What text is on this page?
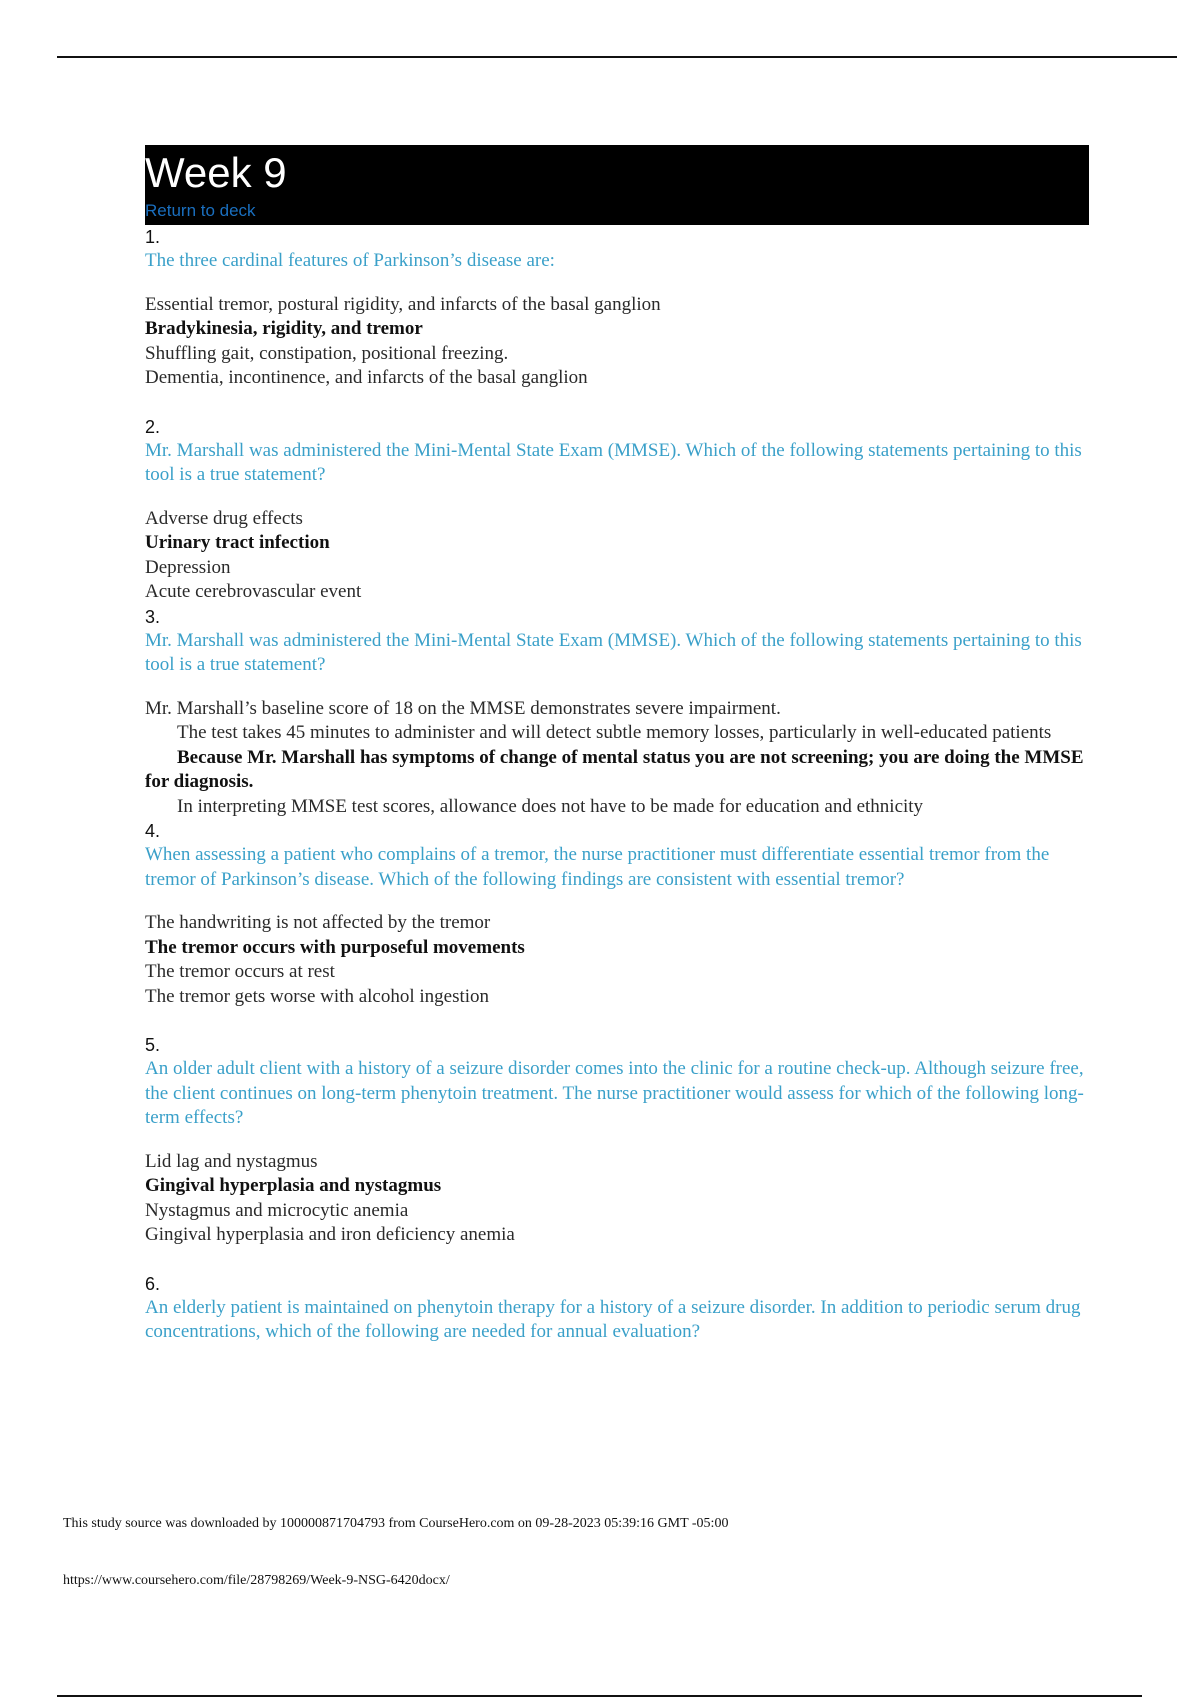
Week 9
Return to deck
1.
The three cardinal features of Parkinson’s disease are:
Essential tremor, postural rigidity, and infarcts of the basal ganglion
Bradykinesia, rigidity, and tremor
Shuffling gait, constipation, positional freezing.
Dementia, incontinence, and infarcts of the basal ganglion
2.
Mr. Marshall was administered the Mini-Mental State Exam (MMSE). Which of the following statements pertaining to this tool is a true statement?
Adverse drug effects
Urinary tract infection
Depression
Acute cerebrovascular event
3.
Mr. Marshall was administered the Mini-Mental State Exam (MMSE). Which of the following statements pertaining to this tool is a true statement?
Mr. Marshall’s baseline score of 18 on the MMSE demonstrates severe impairment.
The test takes 45 minutes to administer and will detect subtle memory losses, particularly in well-educated patients
Because Mr. Marshall has symptoms of change of mental status you are not screening; you are doing the MMSE for diagnosis.
In interpreting MMSE test scores, allowance does not have to be made for education and ethnicity
4.
When assessing a patient who complains of a tremor, the nurse practitioner must differentiate essential tremor from the tremor of Parkinson’s disease. Which of the following findings are consistent with essential tremor?
The handwriting is not affected by the tremor
The tremor occurs with purposeful movements
The tremor occurs at rest
The tremor gets worse with alcohol ingestion
5.
An older adult client with a history of a seizure disorder comes into the clinic for a routine check-up. Although seizure free, the client continues on long-term phenytoin treatment. The nurse practitioner would assess for which of the following long-term effects?
Lid lag and nystagmus
Gingival hyperplasia and nystagmus
Nystagmus and microcytic anemia
Gingival hyperplasia and iron deficiency anemia
6.
An elderly patient is maintained on phenytoin therapy for a history of a seizure disorder. In addition to periodic serum drug concentrations, which of the following are needed for annual evaluation?
This study source was downloaded by 100000871704793 from CourseHero.com on 09-28-2023 05:39:16 GMT -05:00
https://www.coursehero.com/file/28798269/Week-9-NSG-6420docx/
